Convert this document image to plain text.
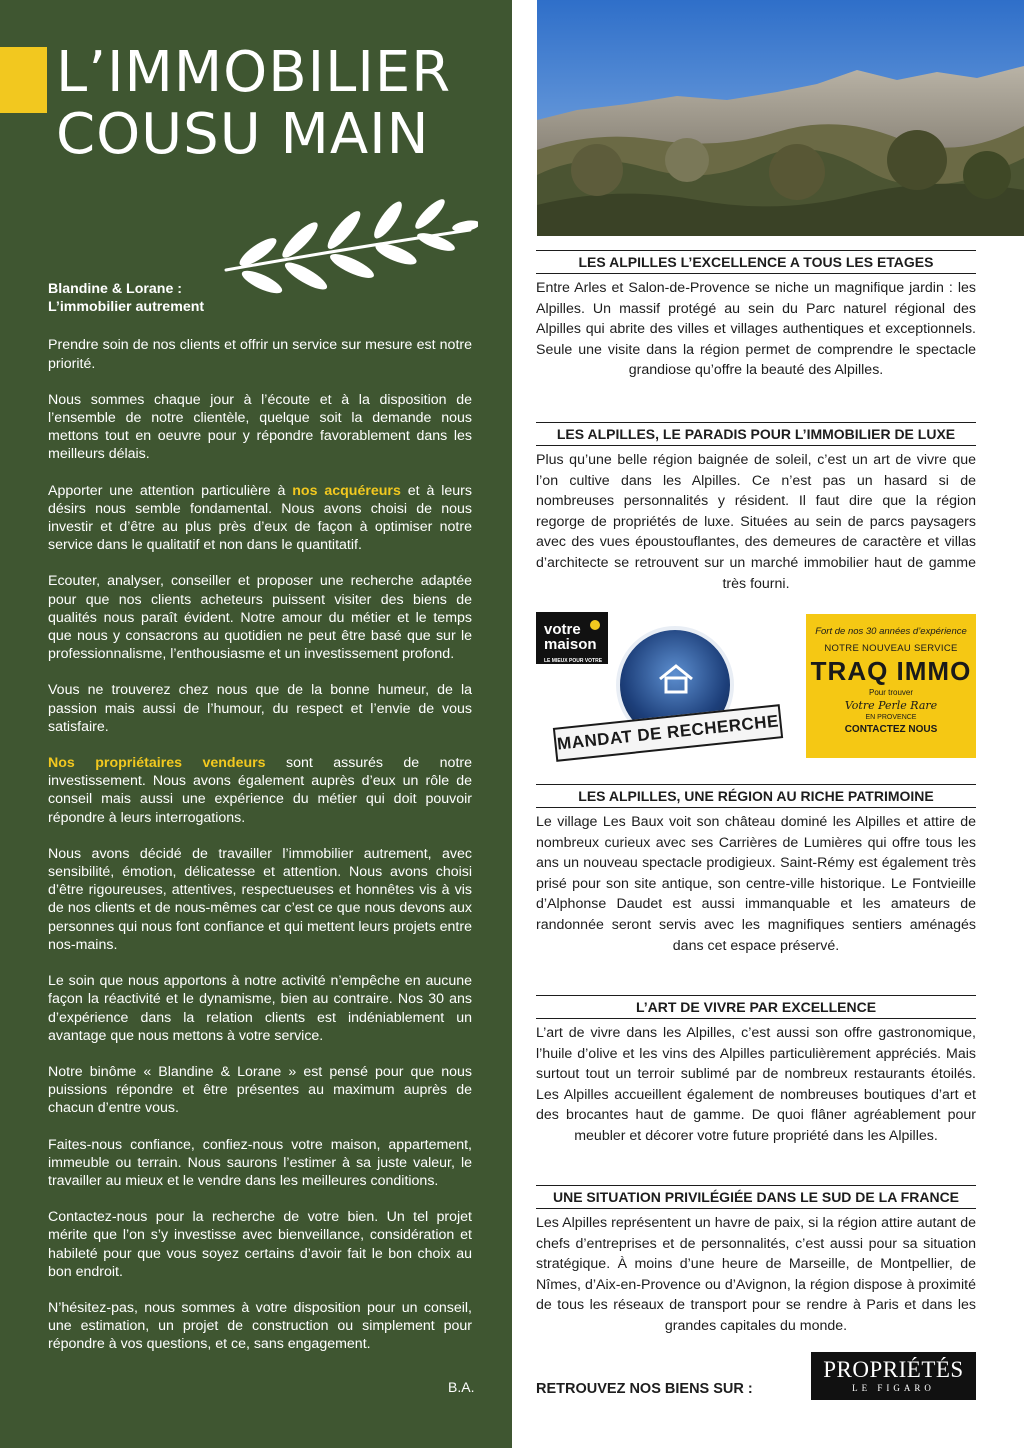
L’IMMOBILIER
COUSU MAIN
Blandine & Lorane :
L’immobilier autrement

Prendre soin de nos clients et offrir un service sur mesure est notre priorité.

Nous sommes chaque jour à l’écoute et à la disposition de l’ensemble de notre clientèle, quelque soit la demande nous mettons tout en oeuvre pour y répondre favorablement dans les meilleurs délais.

Apporter une attention particulière à nos acquéreurs et à leurs désirs nous semble fondamental. Nous avons choisi de nous investir et d’être au plus près d’eux de façon à optimiser notre service dans le qualitatif et non dans le quantitatif.

Ecouter, analyser, conseiller et proposer une recherche adaptée pour que nos clients acheteurs puissent visiter des biens de qualités nous paraît évident. Notre amour du métier et le temps que nous y consacrons au quotidien ne peut être basé que sur le professionnalisme, l’enthousiasme et un investissement profond.

Vous ne trouverez chez nous que de la bonne humeur, de la passion mais aussi de l’humour, du respect et l’envie de vous satisfaire.

Nos propriétaires vendeurs sont assurés de notre investissement. Nous avons également auprès d’eux un rôle de conseil mais aussi une expérience du métier qui doit pouvoir répondre à leurs interrogations.

Nous avons décidé de travailler l’immobilier autrement, avec sensibilité, émotion, délicatesse et attention. Nous avons choisi d’être rigoureuses, attentives, respectueuses et honnêtes vis à vis de nos clients et de nous-mêmes car c’est ce que nous devons aux personnes qui nous font confiance et qui mettent leurs projets entre nos-mains.

Le soin que nous apportons à notre activité n’empêche en aucune façon la réactivité et le dynamisme, bien au contraire. Nos 30 ans d’expérience dans la relation clients est indéniablement un avantage que nous mettons à votre service.

Notre binôme « Blandine & Lorane » est pensé pour que nous puissions répondre et être présentes au maximum auprès de chacun d’entre vous.

Faites-nous confiance, confiez-nous votre maison, appartement, immeuble ou terrain. Nous saurons l’estimer à sa juste valeur, le travailler au mieux et le vendre dans les meilleures conditions.

Contactez-nous pour la recherche de votre bien. Un tel projet mérite que l’on s’y investisse avec bienveillance, considération et habileté pour que vous soyez certains d’avoir fait le bon choix au bon endroit.

N’hésitez-pas, nous sommes à votre disposition pour un conseil, une estimation, un projet de construction ou simplement pour répondre à vos questions, et ce, sans engagement.

B.A.
LES ALPILLES L’EXCELLENCE A TOUS LES ETAGES
Entre Arles et Salon-de-Provence se niche un magnifique jardin : les Alpilles. Un massif protégé au sein du Parc naturel régional des Alpilles qui abrite des villes et villages authentiques et exceptionnels. Seule une visite dans la région permet de comprendre le spectacle grandiose qu’offre la beauté des Alpilles.
LES ALPILLES, LE PARADIS POUR L’IMMOBILIER DE LUXE
Plus qu’une belle région baignée de soleil, c’est un art de vivre que l’on cultive dans les Alpilles. Ce n’est pas un hasard si de nombreuses personnalités y résident. Il faut dire que la région regorge de propriétés de luxe. Situées au sein de parcs paysagers avec des vues époustouflantes, des demeures de caractère et villas d’architecte se retrouvent sur un marché immobilier haut de gamme très fourni.
votre
maison
LE MIEUX POUR VOTRE BIEN
MANDAT DE RECHERCHE
Fort de nos 30 années d’expérience
NOTRE NOUVEAU SERVICE
TRAQ IMMO
Pour trouver
Votre Perle Rare
EN PROVENCE
CONTACTEZ NOUS
LES ALPILLES, UNE RÉGION AU RICHE PATRIMOINE
Le village Les Baux voit son château dominé les Alpilles et attire de nombreux curieux avec ses Carrières de Lumières qui offre tous les ans un nouveau spectacle prodigieux. Saint-Rémy est également très prisé pour son site antique, son centre-ville historique. Le Fontvieille d’Alphonse Daudet est aussi immanquable et les amateurs de randonnée seront servis avec les magnifiques sentiers aménagés dans cet espace préservé.
L’ART DE VIVRE PAR EXCELLENCE
L’art de vivre dans les Alpilles, c’est aussi son offre gastronomique, l’huile d’olive et les vins des Alpilles particulièrement appréciés. Mais surtout tout un terroir sublimé par de nombreux restaurants étoilés. Les Alpilles accueillent également de nombreuses boutiques d’art et des brocantes haut de gamme. De quoi flâner agréablement pour meubler et décorer votre future propriété dans les Alpilles.
UNE SITUATION PRIVILÉGIÉE DANS LE SUD DE LA FRANCE
Les Alpilles représentent un havre de paix, si la région attire autant de chefs d’entreprises et de personnalités, c’est aussi pour sa situation stratégique. À moins d’une heure de Marseille, de Montpellier, de Nîmes, d’Aix-en-Provence ou d’Avignon, la région dispose à proximité de tous les réseaux de transport pour se rendre à Paris et dans les grandes capitales du monde.
RETROUVEZ NOS BIENS SUR :
PROPRIÉTÉS
LE FIGARO
